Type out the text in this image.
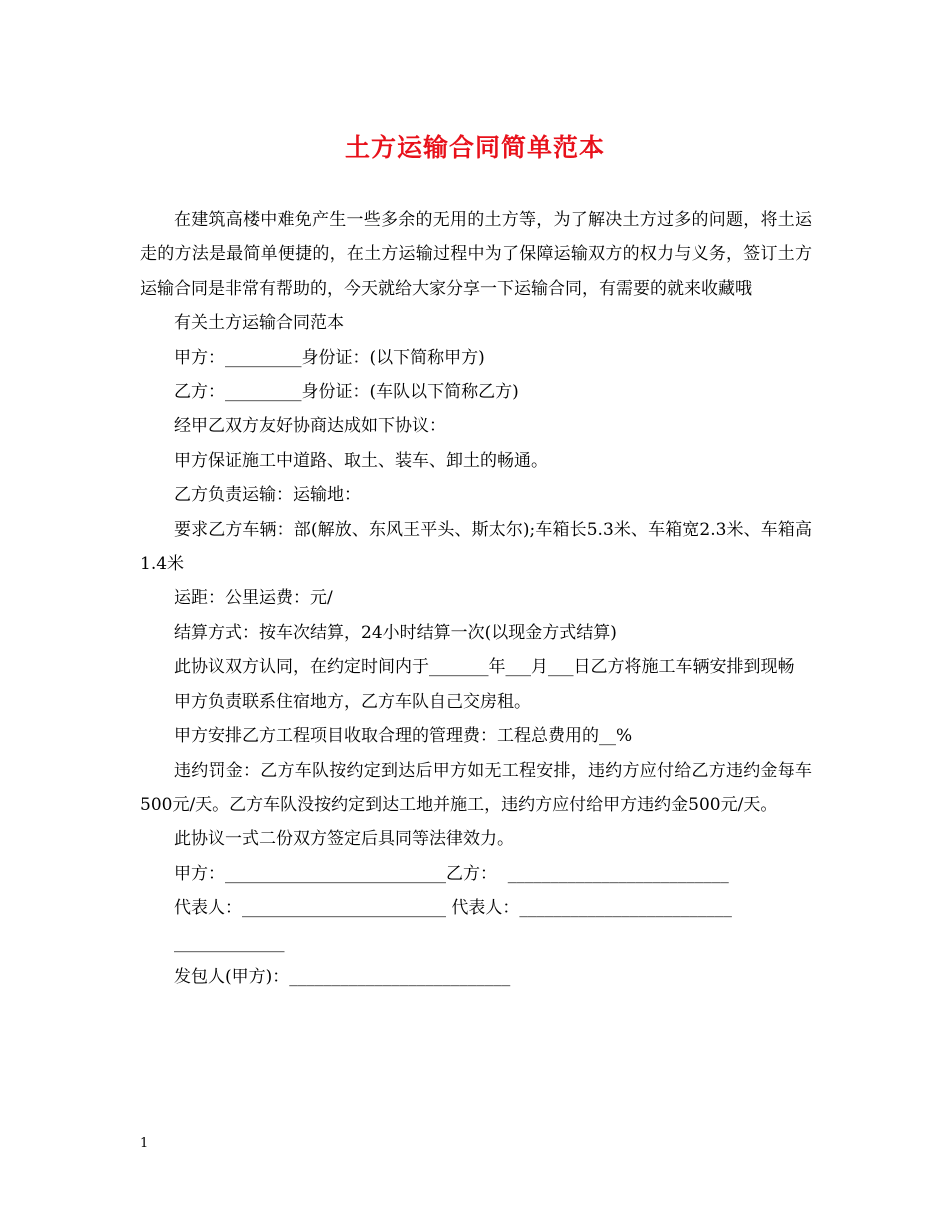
土方运输合同简单范本

在建筑高楼中难免产生一些多余的无用的土方等，为了解决土方过多的问题，将土运走的方法是最简单便捷的，在土方运输过程中为了保障运输双方的权力与义务，签订土方运输合同是非常有帮助的，今天就给大家分享一下运输合同，有需要的就来收藏哦

有关土方运输合同范本

甲方：_________身份证：(以下简称甲方)

乙方：_________身份证：(车队以下简称乙方)

经甲乙双方友好协商达成如下协议：

甲方保证施工中道路、取土、装车、卸土的畅通。

乙方负责运输：运输地：

要求乙方车辆：部(解放、东风王平头、斯太尔);车箱长5.3米、车箱宽2.3米、车箱高1.4米

运距：公里运费：元/

结算方式：按车次结算，24小时结算一次(以现金方式结算)

此协议双方认同，在约定时间内于_______年___月___日乙方将施工车辆安排到现畅

甲方负责联系住宿地方，乙方车队自己交房租。

甲方安排乙方工程项目收取合理的管理费：工程总费用的__%

违约罚金：乙方车队按约定到达后甲方如无工程安排，违约方应付给乙方违约金每车500元/天。乙方车队没按约定到达工地并施工，违约方应付给甲方违约金500元/天。

此协议一式二份双方签定后具同等法律效力。

甲方：__________________________乙方：  __________________________

代表人：________________________ 代表人：_________________________

_____________

发包人(甲方)：__________________________

1
